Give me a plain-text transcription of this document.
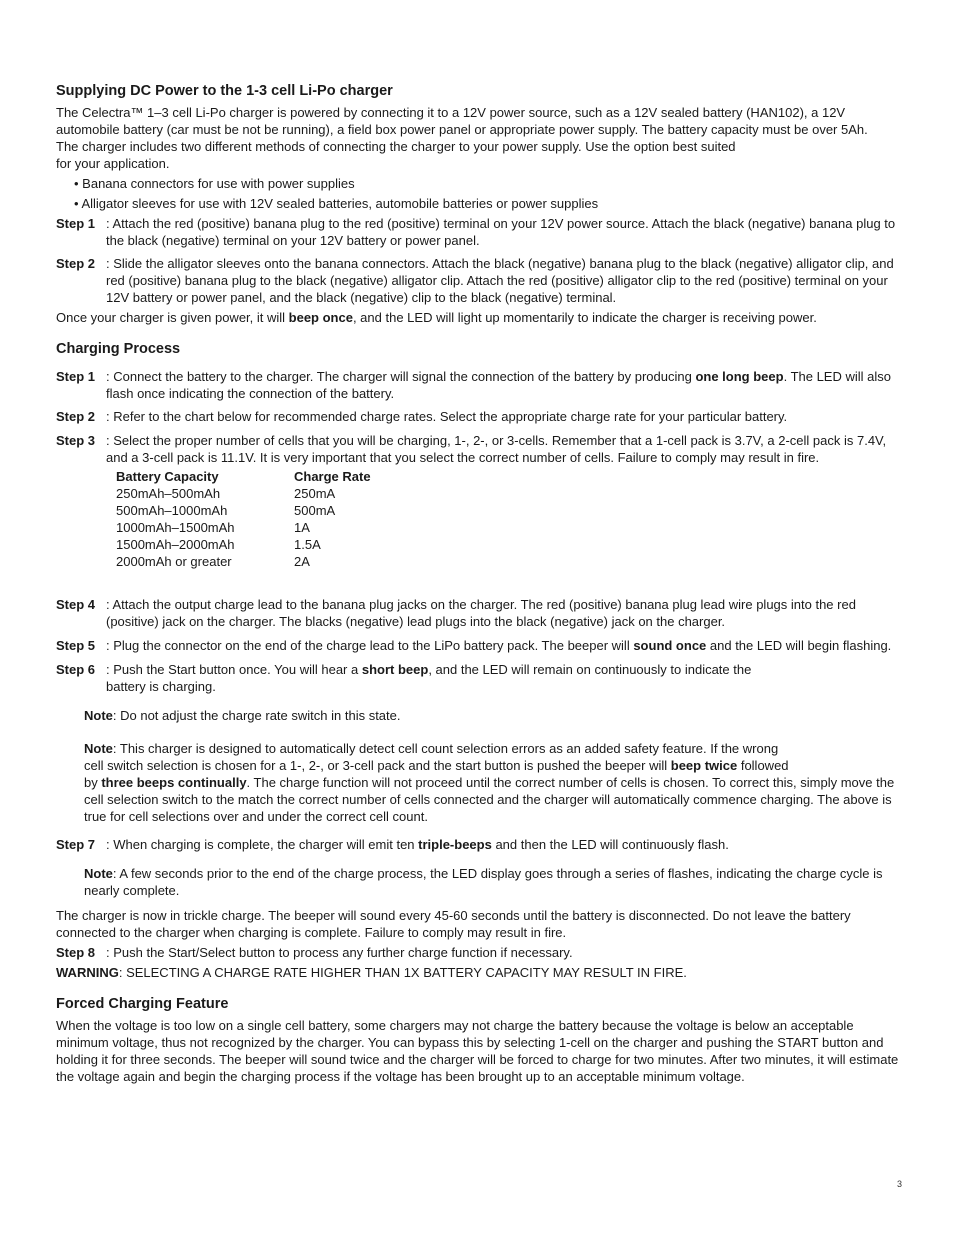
Supplying DC Power to the 1-3 cell Li-Po charger

The Celectra™ 1–3 cell Li-Po charger is powered by connecting it to a 12V power source, such as a 12V sealed battery (HAN102), a 12V automobile battery (car must be not be running), a field box power panel or appropriate power supply. The battery capacity must be over 5Ah.

The charger includes two different methods of connecting the charger to your power supply. Use the option best suited
for your application.

• Banana connectors for use with power supplies

• Alligator sleeves for use with 12V sealed batteries, automobile batteries or power supplies

Step 1 : Attach the red (positive) banana plug to the red (positive) terminal on your 12V power source. Attach the black (negative) banana plug to the black (negative) terminal on your 12V battery or power panel.
Step 2 : Slide the alligator sleeves onto the banana connectors. Attach the black (negative) banana plug to the black (negative) alligator clip, and red (positive) banana plug to the black (negative) alligator clip. Attach the red (positive) alligator clip to the red (positive) terminal on your 12V battery or power panel, and the black (negative) clip to the black (negative) terminal.

Once your charger is given power, it will beep once, and the LED will light up momentarily to indicate the charger is receiving power.

Charging Process
Step 1 : Connect the battery to the charger. The charger will signal the connection of the battery by producing one long beep. The LED will also flash once indicating the connection of the battery.
Step 2 : Refer to the chart below for recommended charge rates. Select the appropriate charge rate for your particular battery.
Step 3 : Select the proper number of cells that you will be charging, 1-, 2-, or 3-cells. Remember that a 1-cell pack is 3.7V, a 2-cell pack is 7.4V, and a 3-cell pack is 11.1V. It is very important that you select the correct number of cells. Failure to comply may result in fire.
Battery Capacity	Charge Rate
250mAh–500mAh	250mA
500mAh–1000mAh	500mA
1000mAh–1500mAh	1A
1500mAh–2000mAh	1.5A
2000mAh or greater	2A
Step 4 : Attach the output charge lead to the banana plug jacks on the charger. The red (positive) banana plug lead wire plugs into the red (positive) jack on the charger. The blacks (negative) lead plugs into the black (negative) jack on the charger.
Step 5 : Plug the connector on the end of the charge lead to the LiPo battery pack. The beeper will sound once and the LED will begin flashing.
Step 6 : Push the Start button once. You will hear a short beep, and the LED will remain on continuously to indicate the
battery is charging.

Note: Do not adjust the charge rate switch in this state.

Note: This charger is designed to automatically detect cell count selection errors as an added safety feature. If the wrong
cell switch selection is chosen for a 1-, 2-, or 3-cell pack and the start button is pushed the beeper will beep twice followed
by three beeps continually. The charge function will not proceed until the correct number of cells is chosen. To correct this, simply move the cell selection switch to the match the correct number of cells connected and the charger will automatically commence charging. The above is true for cell selections over and under the correct cell count.

Step 7 : When charging is complete, the charger will emit ten triple-beeps and then the LED will continuously flash.

Note: A few seconds prior to the end of the charge process, the LED display goes through a series of flashes, indicating the charge cycle is nearly complete.

The charger is now in trickle charge. The beeper will sound every 45-60 seconds until the battery is disconnected. Do not leave the battery connected to the charger when charging is complete. Failure to comply may result in fire.

Step 8 : Push the Start/Select button to process any further charge function if necessary.

WARNING: SELECTING A CHARGE RATE HIGHER THAN 1X BATTERY CAPACITY MAY RESULT IN FIRE.

Forced Charging Feature

When the voltage is too low on a single cell battery, some chargers may not charge the battery because the voltage is below an acceptable minimum voltage, thus not recognized by the charger. You can bypass this by selecting 1-cell on the charger and pushing the START button and holding it for three seconds. The beeper will sound twice and the charger will be forced to charge for two minutes. After two minutes, it will estimate the voltage again and begin the charging process if the voltage has been brought up to an acceptable minimum voltage.

3
